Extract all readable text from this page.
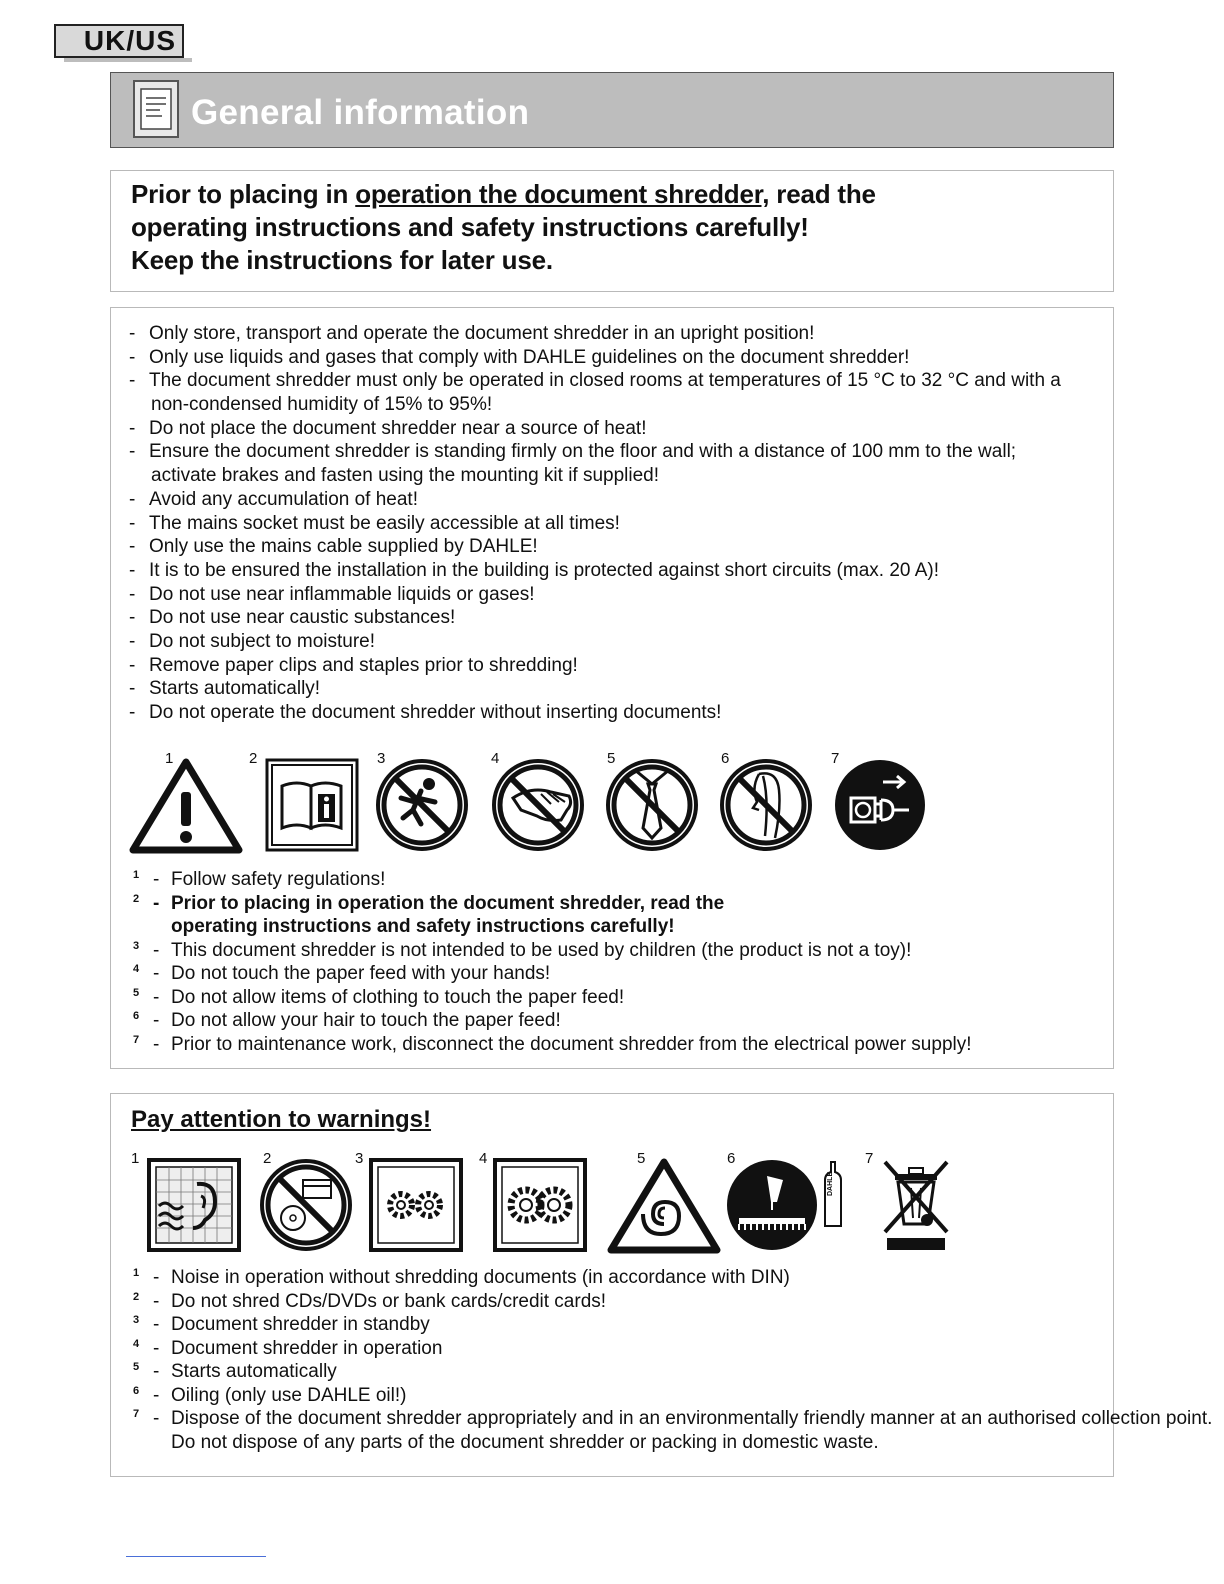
UK/US
General information

Prior to placing in operation the document shredder, read the

operating instructions and safety instructions carefully!

Keep the instructions for later use.

- Only store, transport and operate the document shredder in an upright position!
- Only use liquids and gases that comply with DAHLE guidelines on the document shredder!
- The document shredder must only be operated in closed rooms at temperatures of 15 °C to 32 °C and with a
non-condensed humidity of 15% to 95%!
- Do not place the document shredder near a source of heat!
- Ensure the document shredder is standing firmly on the floor and with a distance of 100 mm to the wall;
activate brakes and fasten using the mounting kit if supplied!
- Avoid any accumulation of heat!
- The mains socket must be easily accessible at all times!
- Only use the mains cable supplied by DAHLE!
- It is to be ensured the installation in the building is protected against short circuits (max. 20 A)!
- Do not use near inflammable liquids or gases!
- Do not use near caustic substances!
- Do not subject to moisture!
- Remove paper clips and staples prior to shredding!
- Starts automatically!
- Do not operate the document shredder without inserting documents!
1	2	3	4	5	6	7
1 - Follow safety regulations!
2 - Prior to placing in operation the document shredder, read the
operating instructions and safety instructions carefully!
3 - This document shredder is not intended to be used by children (the product is not a toy)!
4 - Do not touch the paper feed with your hands!
5 - Do not allow items of clothing to touch the paper feed!
6 - Do not allow your hair to touch the paper feed!
7 - Prior to maintenance work, disconnect the document shredder from the electrical power supply!
Pay attention to warnings!
1	2	3	4	5	6
DAHLE
7
1 - Noise in operation without shredding documents (in accordance with DIN)
2 - Do not shred CDs/DVDs or bank cards/credit cards!
3 - Document shredder in standby
4 - Document shredder in operation
5 - Starts automatically
6 - Oiling (only use DAHLE oil!)
7 - Dispose of the document shredder appropriately and in an environmentally friendly manner at an authorised collection point.
Do not dispose of any parts of the document shredder or packing in domestic waste.
